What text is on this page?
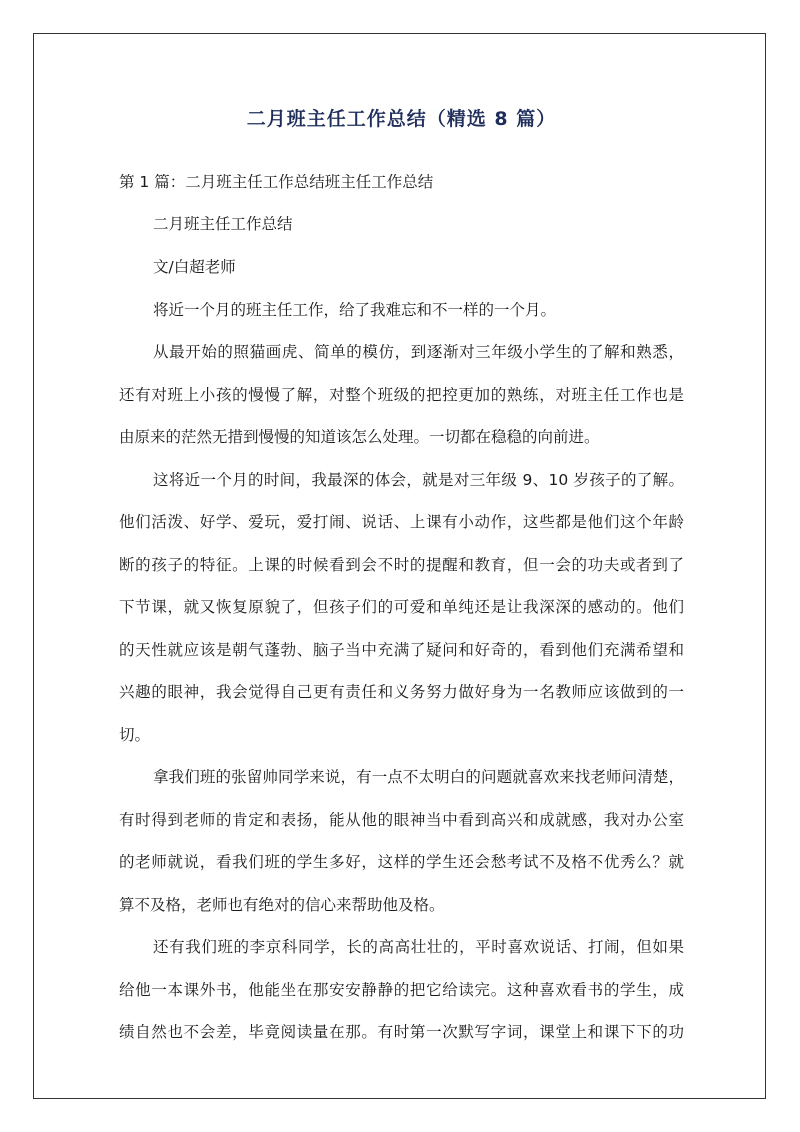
二月班主任工作总结（精选 8 篇）
第 1 篇：二月班主任工作总结班主任工作总结
二月班主任工作总结
文/白超老师
将近一个月的班主任工作，给了我难忘和不一样的一个月。
从最开始的照猫画虎、简单的模仿，到逐渐对三年级小学生的了解和熟悉，
还有对班上小孩的慢慢了解，对整个班级的把控更加的熟练，对班主任工作也是
由原来的茫然无措到慢慢的知道该怎么处理。一切都在稳稳的向前进。
这将近一个月的时间，我最深的体会，就是对三年级 9、10 岁孩子的了解。
他们活泼、好学、爱玩，爱打闹、说话、上课有小动作，这些都是他们这个年龄
断的孩子的特征。上课的时候看到会不时的提醒和教育，但一会的功夫或者到了
下节课，就又恢复原貌了，但孩子们的可爱和单纯还是让我深深的感动的。他们
的天性就应该是朝气蓬勃、脑子当中充满了疑问和好奇的，看到他们充满希望和
兴趣的眼神，我会觉得自己更有责任和义务努力做好身为一名教师应该做到的一
切。
拿我们班的张留帅同学来说，有一点不太明白的问题就喜欢来找老师问清楚，
有时得到老师的肯定和表扬，能从他的眼神当中看到高兴和成就感，我对办公室
的老师就说，看我们班的学生多好，这样的学生还会愁考试不及格不优秀么？就
算不及格，老师也有绝对的信心来帮助他及格。
还有我们班的李京科同学，长的高高壮壮的，平时喜欢说话、打闹，但如果
给他一本课外书，他能坐在那安安静静的把它给读完。这种喜欢看书的学生，成
绩自然也不会差，毕竟阅读量在那。有时第一次默写字词，课堂上和课下下的功
